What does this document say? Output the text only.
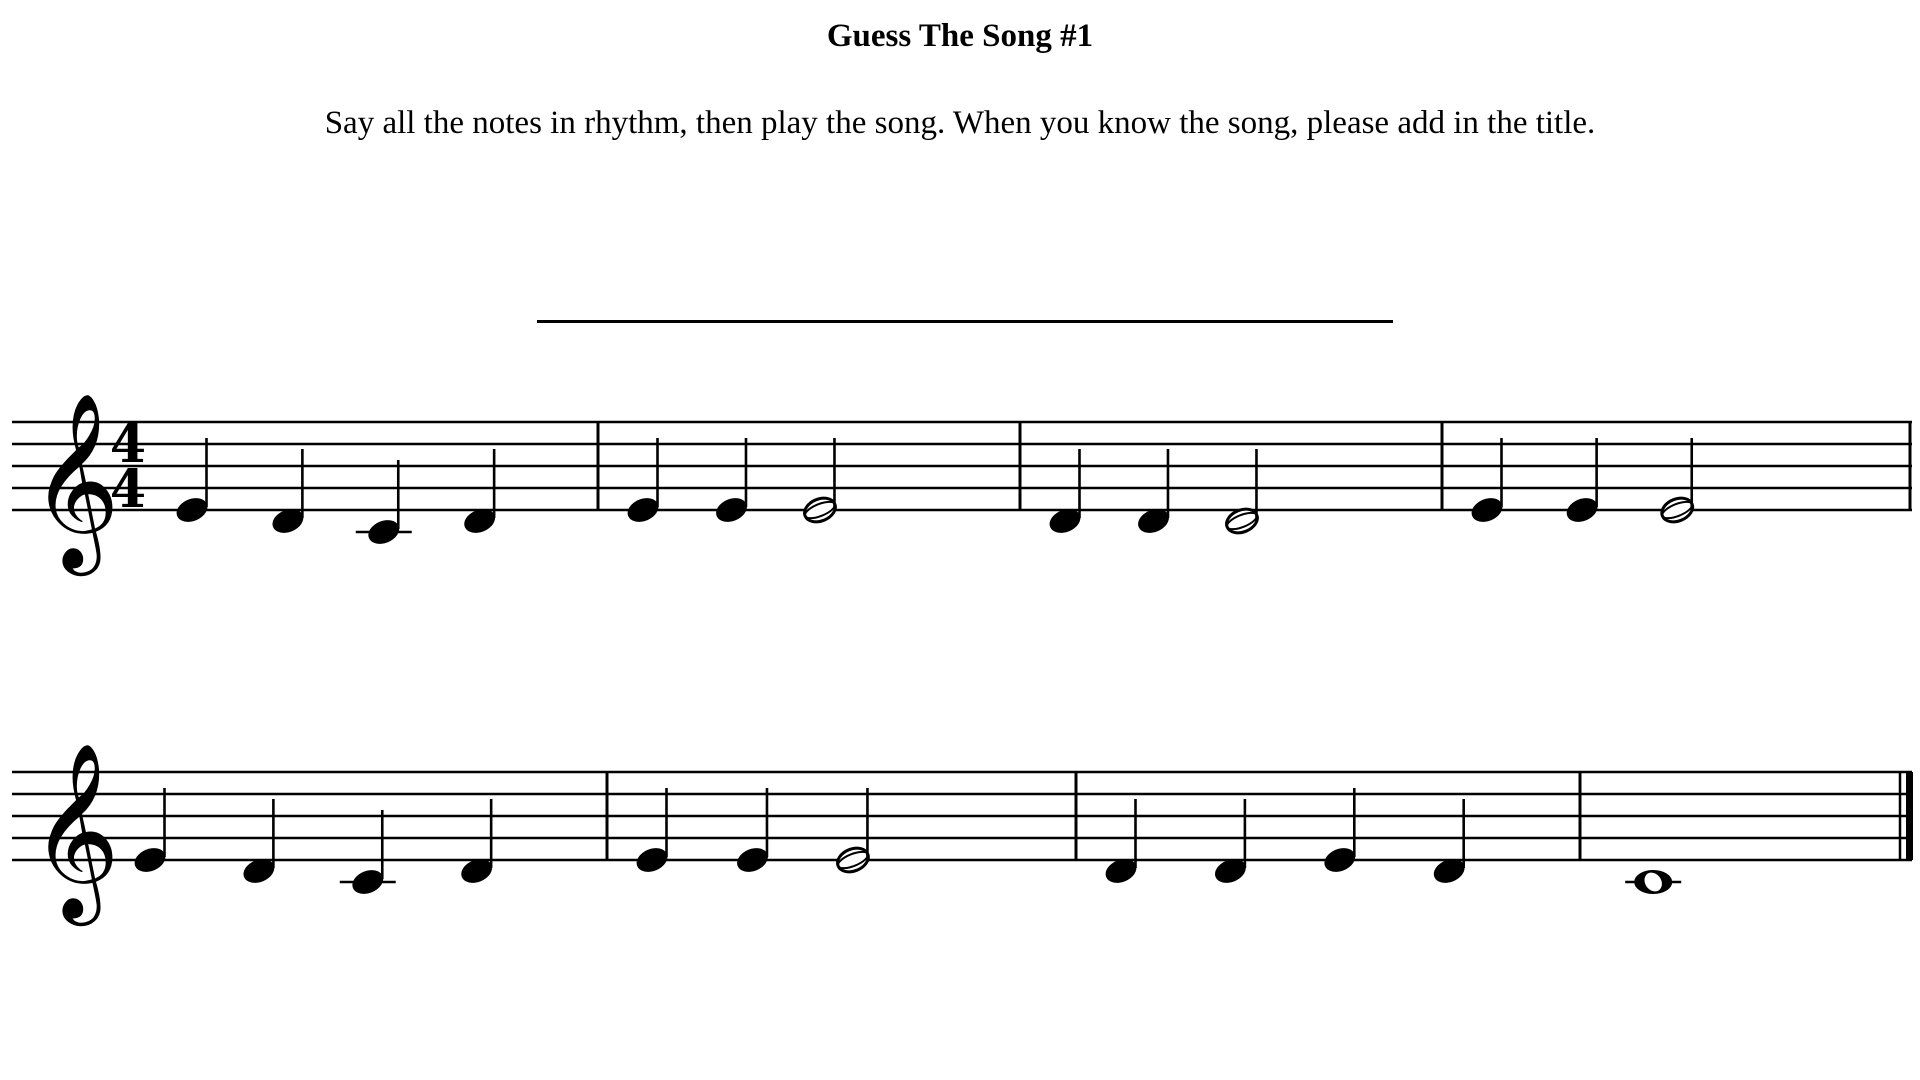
Guess The Song #1
Say all the notes in rhythm, then play the song. When you know the song, please add in the title.
𝄞
4
4
𝄞
